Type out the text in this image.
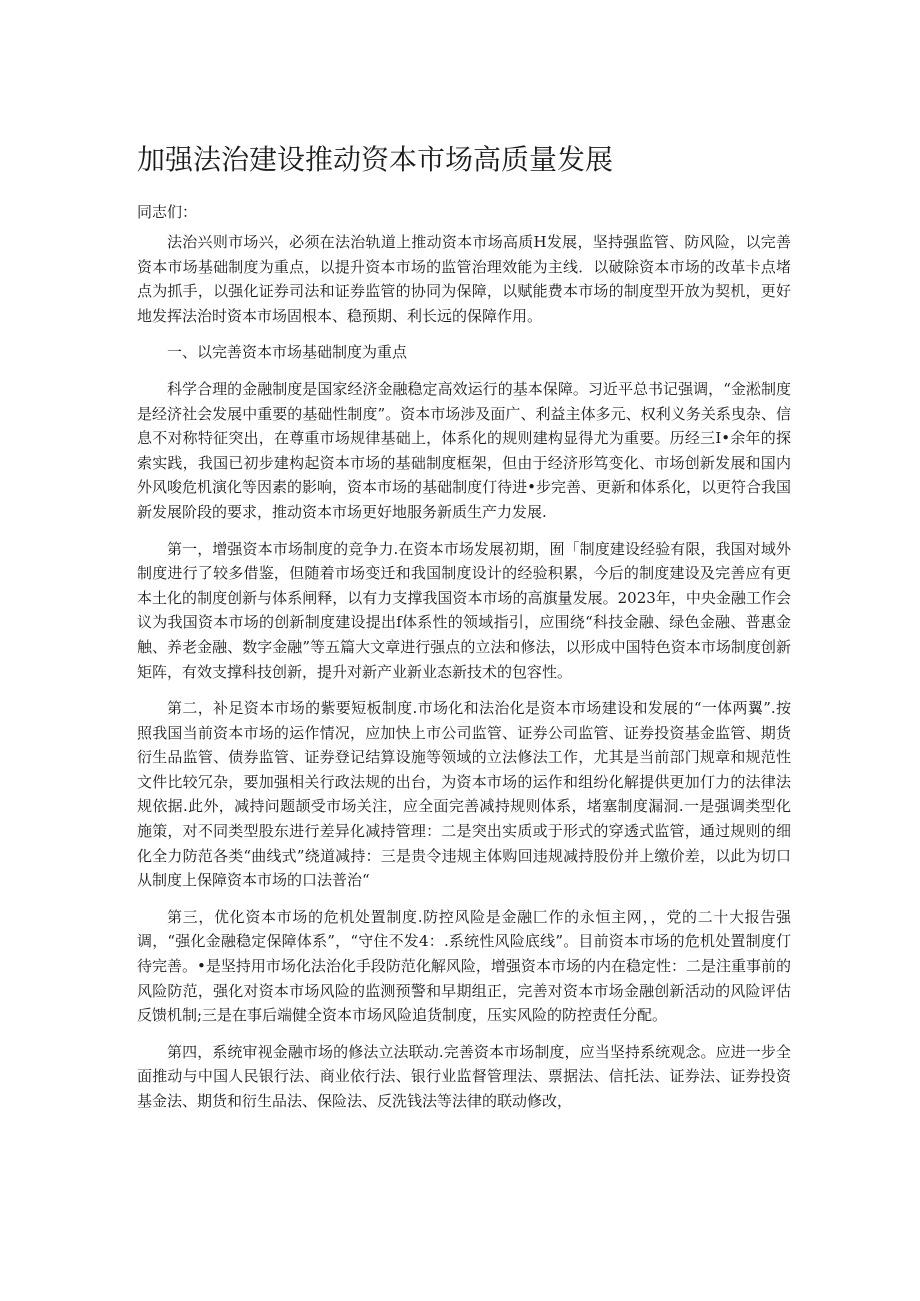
加强法治建设推动资本市场高质量发展

同志们：

法治兴则市场兴，必须在法治轨道上推动资本市场高质H发展，坚持强监管、防风险，以完善资本市场基础制度为重点，以提升资本市场的监管治理效能为主线．以破除资本市场的改革卡点堵点为抓手，以强化证券司法和证券监管的协同为保障，以赋能费本市场的制度型开放为契机，更好地发挥法治时资本市场固根本、稳预期、利长远的保障作用。

一、以完善资本市场基础制度为重点

科学合理的金融制度是国家经济金融稳定高效运行的基本保障。习近平总书记强调，“金淞制度是经济社会发展中重要的基础性制度”。资本市场涉及面广、利益主体多元、权利义务关系曳杂、信息不对称特征突出，在尊重市场规律基础上，体系化的规则建构显得尤为重要。历经三I•余年的探索实践，我国已初步建构起资本市场的基础制度框架，但由于经济形笃变化、市场创新发展和国内外风唆危机演化等因素的影响，资本市场的基础制度仃待进•步完善、更新和体系化，以更符合我国新发展阶段的要求，推动资本市场更好地服务新质生产力发展.

第一，增强资本市场制度的竞争力.在资本市场发展初期，囿「制度建设经验有限，我国对域外制度进行了较多借鉴，但随着市场变迁和我国制度设计的经验积累，今后的制度建设及完善应有更本土化的制度创新与体系闸释，以有力支撑我国资本市场的高旗量发展。2023年，中央金融工作会议为我国资本市场的创新制度建设提出f体系性的领域指引，应围绕“科技金融、绿色金融、普惠金触、养老金融、数字金融”等五篇大文章进行强点的立法和修法，以形成中国特色资本市场制度创新矩阵，有效支撑科技创新，提升对新产业新业态新技术的包容性。

第二，补足资本市场的紫要短板制度.市场化和法治化是资本市场建设和发展的“一体两翼”.按照我国当前资本市场的运作情况，应加快上市公司监管、证券公司监管、证券投资基金监管、期货衍生品监管、债券监管、证券登记结算设施等领域的立法修法工作，尤其是当前部门规章和规范性文件比较冗杂，要加强相关行政法规的出台，为资本市场的运作和组纷化解提供更加仃力的法律法规依据.此外，减持问题颉受市场关注，应全面完善减持规则体系，堵塞制度漏洞.一是强调类型化施策，对不同类型股东进行差异化减持管理：二是突出实质或于形式的穿透式监管，通过规则的细化全力防范各类“曲线式”绕道减持：三是贵令违规主体购回违规减持股份并上缴价差，以此为切口从制度上保障资本市场的口法普治“

第三，优化资本市场的危机处置制度.防控风险是金融匚作的永恒主网，，党的二十大报告强调，“强化金融稳定保障体系”，“守住不发4：.系统性风险底线”。目前资本市场的危机处置制度仃待完善。•是坚持用市场化法治化手段防范化解风险，增强资本市场的内在稳定性：二是注重事前的风险防范，强化对资本市场风险的监测预警和早期组正，完善对资本市场金融创新活动的风险评估反馈机制;三是在事后端健全资本市场风险追货制度，压实风险的防控责任分配。

第四，系统审视金融市场的修法立法联动.完善资本市场制度，应当坚持系统观念。应进一步全面推动与中国人民银行法、商业依行法、银行业监督管理法、票据法、信托法、证券法、证券投资基金法、期货和衍生品法、保险法、反洗钱法等法律的联动修改，
